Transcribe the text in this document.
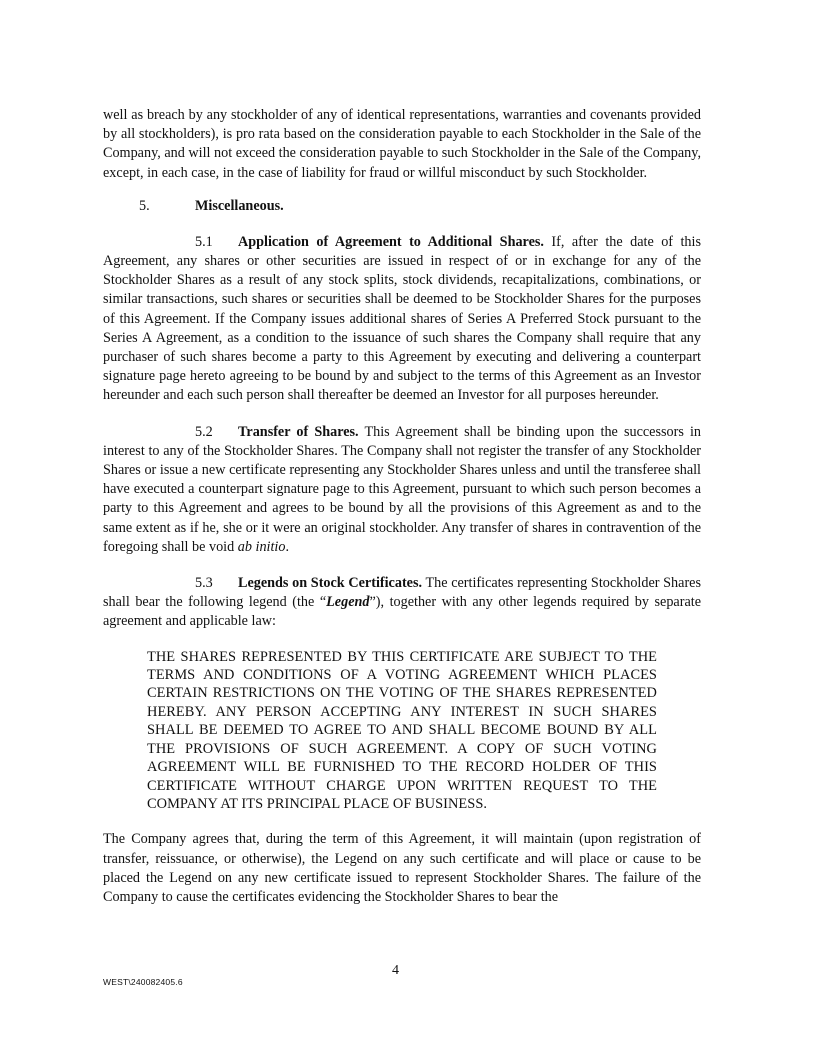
well as breach by any stockholder of any of identical representations, warranties and covenants provided by all stockholders), is pro rata based on the consideration payable to each Stockholder in the Sale of the Company, and will not exceed the consideration payable to such Stockholder in the Sale of the Company, except, in each case, in the case of liability for fraud or willful misconduct by such Stockholder.

5.	Miscellaneous.

5.1 Application of Agreement to Additional Shares. If, after the date of this Agreement, any shares or other securities are issued in respect of or in exchange for any of the Stockholder Shares as a result of any stock splits, stock dividends, recapitalizations, combinations, or similar transactions, such shares or securities shall be deemed to be Stockholder Shares for the purposes of this Agreement. If the Company issues additional shares of Series A Preferred Stock pursuant to the Series A Agreement, as a condition to the issuance of such shares the Company shall require that any purchaser of such shares become a party to this Agreement by executing and delivering a counterpart signature page hereto agreeing to be bound by and subject to the terms of this Agreement as an Investor hereunder and each such person shall thereafter be deemed an Investor for all purposes hereunder.

5.2 Transfer of Shares. This Agreement shall be binding upon the successors in interest to any of the Stockholder Shares. The Company shall not register the transfer of any Stockholder Shares or issue a new certificate representing any Stockholder Shares unless and until the transferee shall have executed a counterpart signature page to this Agreement, pursuant to which such person becomes a party to this Agreement and agrees to be bound by all the provisions of this Agreement as and to the same extent as if he, she or it were an original stockholder. Any transfer of shares in contravention of the foregoing shall be void ab initio.

5.3 Legends on Stock Certificates. The certificates representing Stockholder Shares shall bear the following legend (the “Legend”), together with any other legends required by separate agreement and applicable law:

THE SHARES REPRESENTED BY THIS CERTIFICATE ARE SUBJECT TO THE TERMS AND CONDITIONS OF A VOTING AGREEMENT WHICH PLACES CERTAIN RESTRICTIONS ON THE VOTING OF THE SHARES REPRESENTED HEREBY. ANY PERSON ACCEPTING ANY INTEREST IN SUCH SHARES SHALL BE DEEMED TO AGREE TO AND SHALL BECOME BOUND BY ALL THE PROVISIONS OF SUCH AGREEMENT. A COPY OF SUCH VOTING AGREEMENT WILL BE FURNISHED TO THE RECORD HOLDER OF THIS CERTIFICATE WITHOUT CHARGE UPON WRITTEN REQUEST TO THE COMPANY AT ITS PRINCIPAL PLACE OF BUSINESS.

The Company agrees that, during the term of this Agreement, it will maintain (upon registration of transfer, reissuance, or otherwise), the Legend on any such certificate and will place or cause to be placed the Legend on any new certificate issued to represent Stockholder Shares. The failure of the Company to cause the certificates evidencing the Stockholder Shares to bear the

4
WEST\240082405.6
